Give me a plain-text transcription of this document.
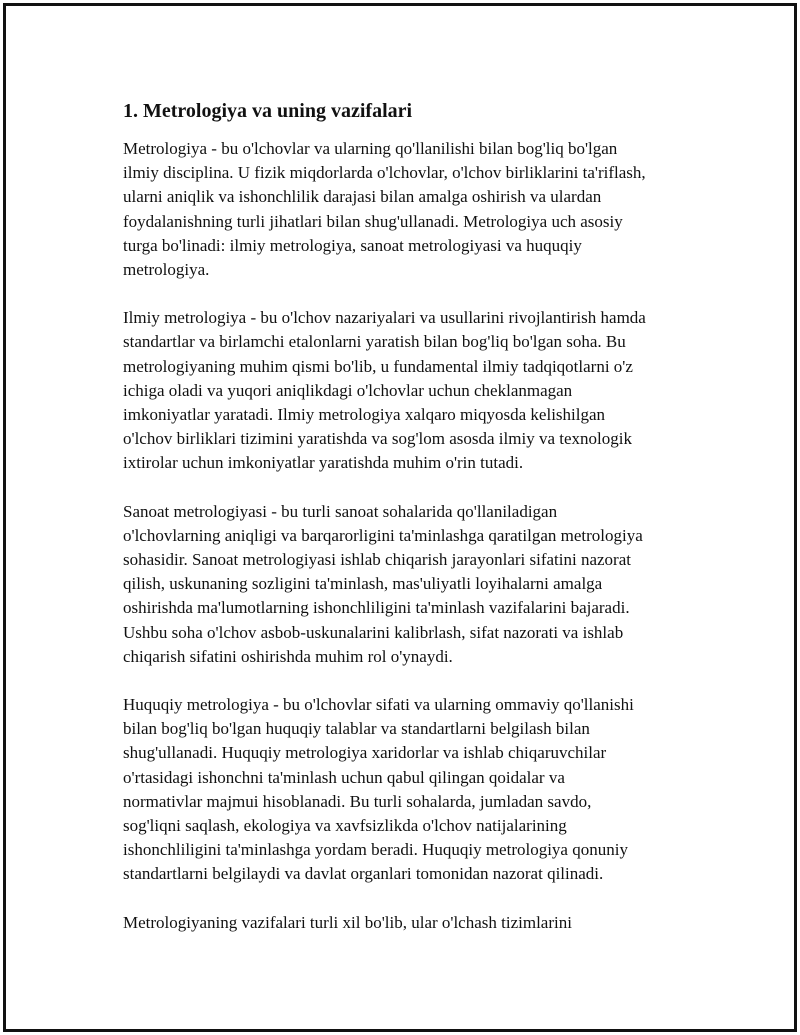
1. Metrologiya va uning vazifalari

Metrologiya - bu o'lchovlar va ularning qo'llanilishi bilan bog'liq bo'lgan
ilmiy disciplina. U fizik miqdorlarda o'lchovlar, o'lchov birliklarini ta'riflash,
ularni aniqlik va ishonchlilik darajasi bilan amalga oshirish va ulardan
foydalanishning turli jihatlari bilan shug'ullanadi. Metrologiya uch asosiy
turga bo'linadi: ilmiy metrologiya, sanoat metrologiyasi va huquqiy
metrologiya.

Ilmiy metrologiya - bu o'lchov nazariyalari va usullarini rivojlantirish hamda
standartlar va birlamchi etalonlarni yaratish bilan bog'liq bo'lgan soha. Bu
metrologiyaning muhim qismi bo'lib, u fundamental ilmiy tadqiqotlarni o'z
ichiga oladi va yuqori aniqlikdagi o'lchovlar uchun cheklanmagan
imkoniyatlar yaratadi. Ilmiy metrologiya xalqaro miqyosda kelishilgan
o'lchov birliklari tizimini yaratishda va sog'lom asosda ilmiy va texnologik
ixtirolar uchun imkoniyatlar yaratishda muhim o'rin tutadi.

Sanoat metrologiyasi - bu turli sanoat sohalarida qo'llaniladigan
o'lchovlarning aniqligi va barqarorligini ta'minlashga qaratilgan metrologiya
sohasidir. Sanoat metrologiyasi ishlab chiqarish jarayonlari sifatini nazorat
qilish, uskunaning sozligini ta'minlash, mas'uliyatli loyihalarni amalga
oshirishda ma'lumotlarning ishonchliligini ta'minlash vazifalarini bajaradi.
Ushbu soha o'lchov asbob-uskunalarini kalibrlash, sifat nazorati va ishlab
chiqarish sifatini oshirishda muhim rol o'ynaydi.

Huquqiy metrologiya - bu o'lchovlar sifati va ularning ommaviy qo'llanishi
bilan bog'liq bo'lgan huquqiy talablar va standartlarni belgilash bilan
shug'ullanadi. Huquqiy metrologiya xaridorlar va ishlab chiqaruvchilar
o'rtasidagi ishonchni ta'minlash uchun qabul qilingan qoidalar va
normativlar majmui hisoblanadi. Bu turli sohalarda, jumladan savdo,
sog'liqni saqlash, ekologiya va xavfsizlikda o'lchov natijalarining
ishonchliligini ta'minlashga yordam beradi. Huquqiy metrologiya qonuniy
standartlarni belgilaydi va davlat organlari tomonidan nazorat qilinadi.

Metrologiyaning vazifalari turli xil bo'lib, ular o'lchash tizimlarini
